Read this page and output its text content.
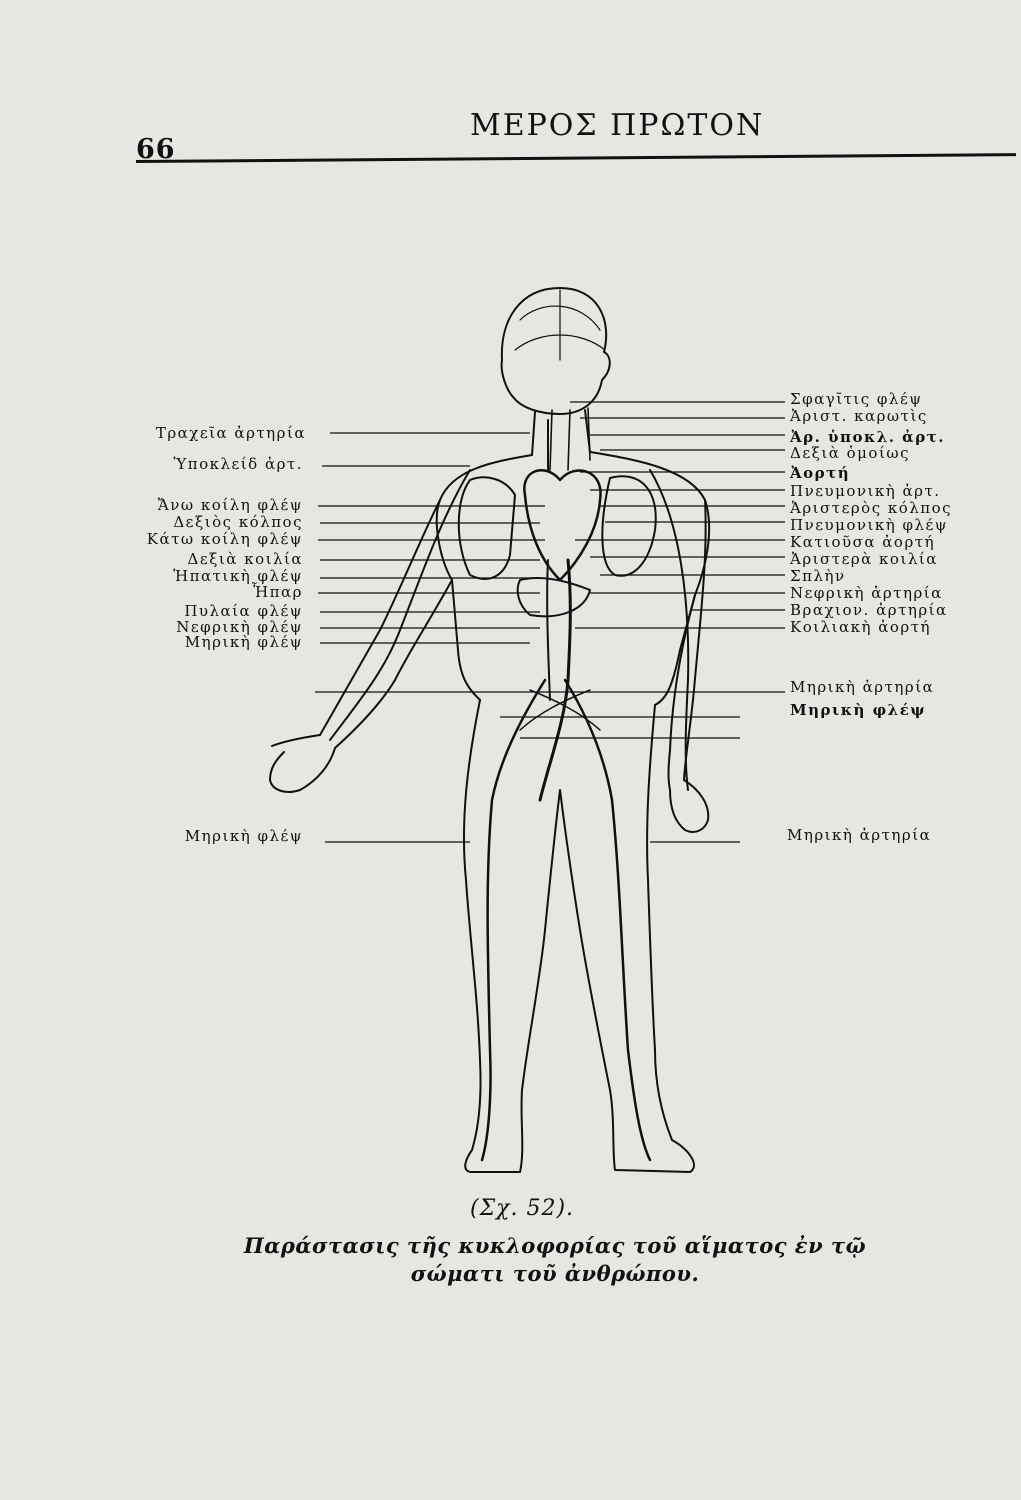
66
ΜΕΡΟΣ ΠΡΩΤΟΝ
Τραχεῖα ἀρτηρία
Ὑποκλείδ ἀρτ.
Ἄνω κοίλη φλέψ
Δεξιὸς κόλπος
Κάτω κοίλη φλέψ
Δεξιὰ κοιλία
Ἡπατικὴ φλέψ
Ἧπαρ
Πυλαία φλέψ
Νεφρικὴ φλέψ
Μηρικὴ φλέψ
Μηρικὴ φλέψ
Σφαγῖτις φλέψ
Ἀριστ. καρωτὶς
Ἀρ. ὑποκλ. ἀρτ.
Δεξιὰ ὁμοίως
Ἀορτή
Πνευμονικὴ ἀρτ.
Ἀριστερὸς κόλπος
Πνευμονικὴ φλέψ
Κατιοῦσα ἀορτή
Ἀριστερὰ κοιλία
Σπλὴν
Νεφρικὴ ἀρτηρία
Βραχιον. ἀρτηρία
Κοιλιακὴ ἀορτή
Μηρικὴ ἀρτηρία
Μηρικὴ φλέψ
Μηρικὴ ἀρτηρία
(Σχ. 52).
Παράστασις τῆς κυκλοφορίας τοῦ αἵματος ἐν τῷ σώματι τοῦ ἀνθρώπου.
